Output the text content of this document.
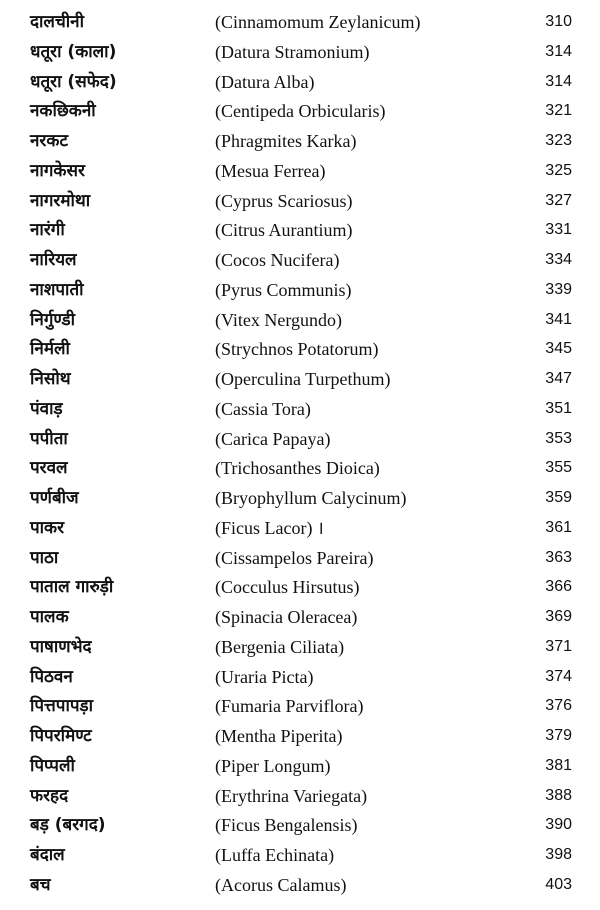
दालचीनी	(Cinnamomum Zeylanicum)	310
धतूरा (काला)	(Datura Stramonium)	314
धतूरा (सफेद)	(Datura Alba)	314
नकछिकनी	(Centipeda Orbicularis)	321
नरकट	(Phragmites Karka)	323
नागकेसर	(Mesua Ferrea)	325
नागरमोथा	(Cyprus Scariosus)	327
नारंगी	(Citrus Aurantium)	331
नारियल	(Cocos Nucifera)	334
नाशपाती	(Pyrus Communis)	339
निर्गुण्डी	(Vitex Nergundo)	341
निर्मली	(Strychnos Potatorum)	345
निसोथ	(Operculina Turpethum)	347
पंवाड़	(Cassia Tora)	351
पपीता	(Carica Papaya)	353
परवल	(Trichosanthes Dioica)	355
पर्णबीज	(Bryophyllum Calycinum)	359
पाकर	(Ficus Lacor) ।	361
पाठा	(Cissampelos Pareira)	363
पाताल गारुड़ी	(Cocculus Hirsutus)	366
पालक	(Spinacia Oleracea)	369
पाषाणभेद	(Bergenia Ciliata)	371
पिठवन	(Uraria Picta)	374
पित्तपापड़ा	(Fumaria Parviflora)	376
पिपरमिण्ट	(Mentha Piperita)	379
पिप्पली	(Piper Longum)	381
फरहद	(Erythrina Variegata)	388
बड़ (बरगद)	(Ficus Bengalensis)	390
बंदाल	(Luffa Echinata)	398
बच	(Acorus Calamus)	403
